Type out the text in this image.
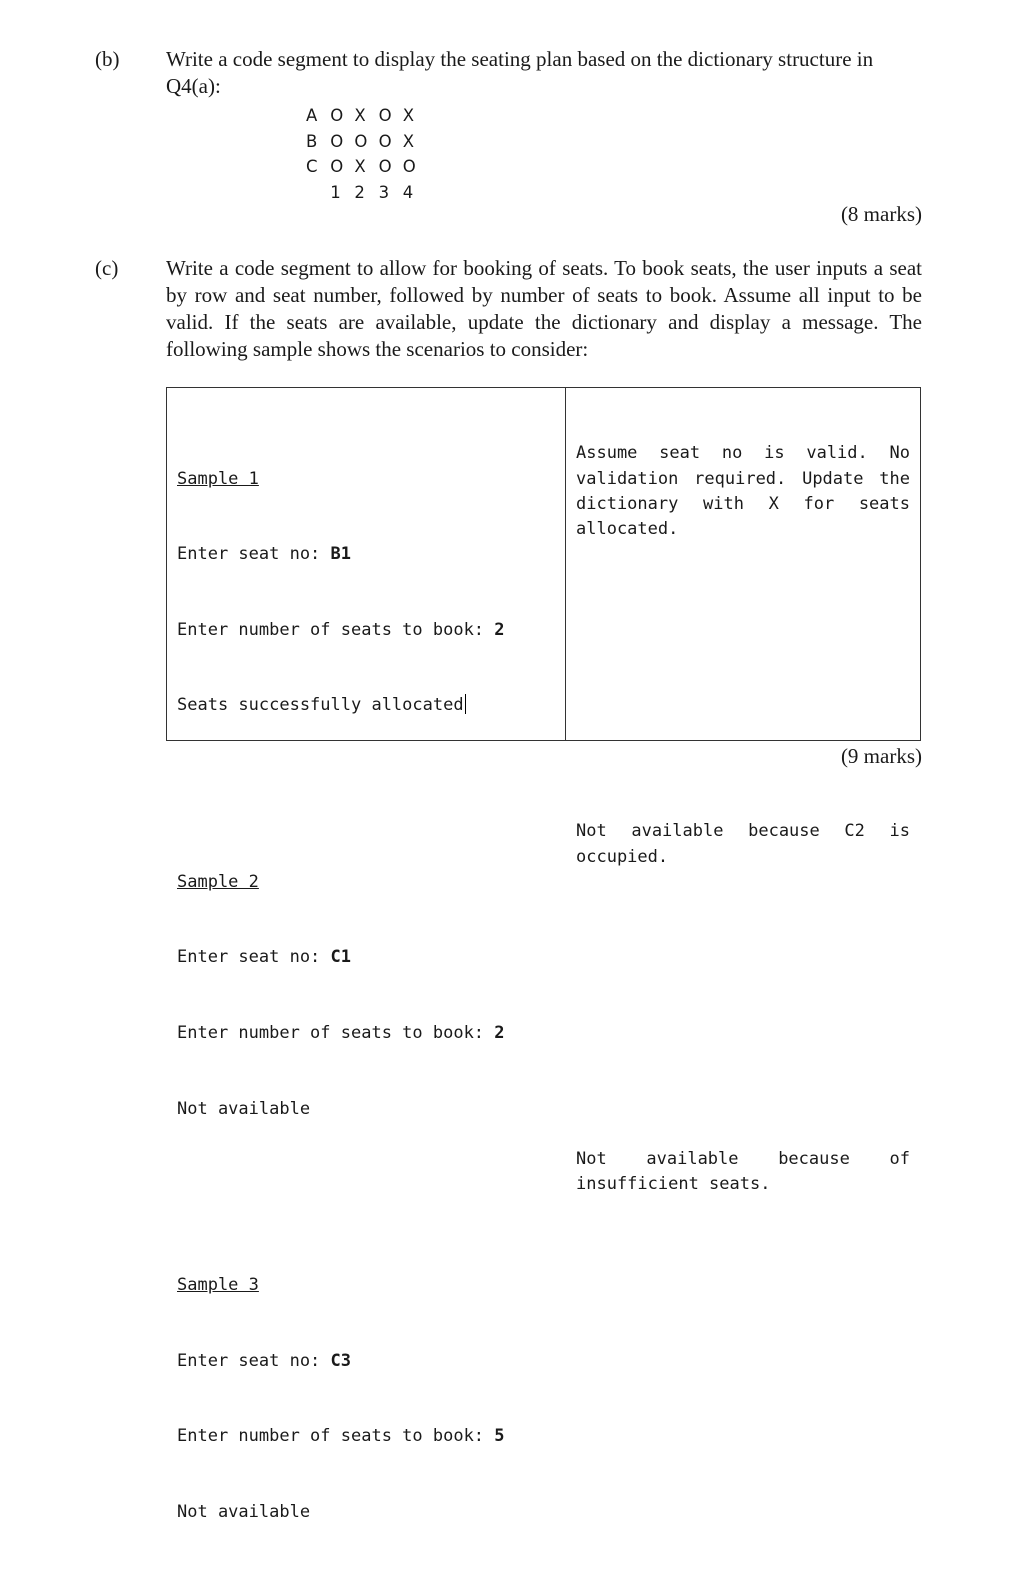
(b) Write a code segment to display the seating plan based on the dictionary structure in Q4(a):
A O X O X
B O O O X
C O X O O
1 2 3 4
(8 marks)
(c) Write a code segment to allow for booking of seats. To book seats, the user inputs a seat by row and seat number, followed by number of seats to book. Assume all input to be valid. If the seats are available, update the dictionary and display a message. The following sample shows the scenarios to consider:

Sample 1

Enter seat no: B1

Enter number of seats to book: 2

Seats successfully allocated

Sample 2

Enter seat no: C1

Enter number of seats to book: 2

Not available

Sample 3

Enter seat no: C3

Enter number of seats to book: 5

Not available

Assume seat no is valid. No validation required. Update the dictionary with X for seats allocated.

Not available because C2 is occupied.

Not available because of insufficient seats.

(9 marks)
